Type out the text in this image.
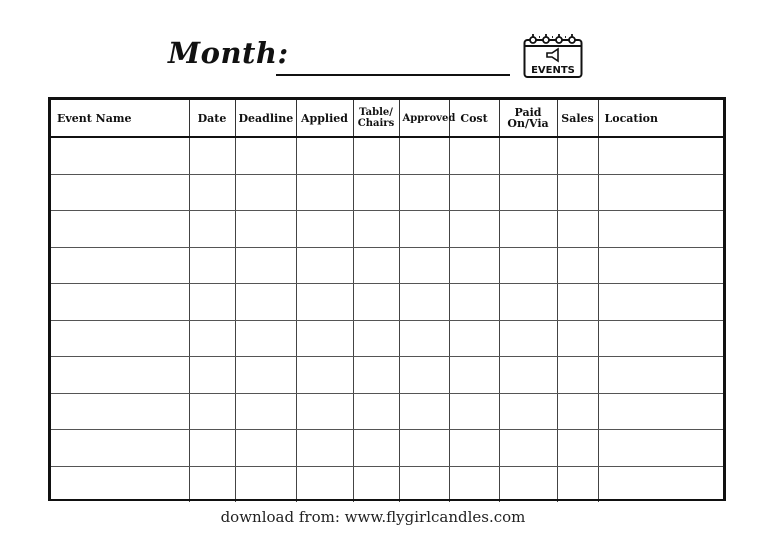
Month:
EVENTS
Event Name	Date	Deadline	Applied	Table/ Chairs	Approved	Cost	Paid On/Via	Sales	Location

download from: www.flygirlcandles.com
